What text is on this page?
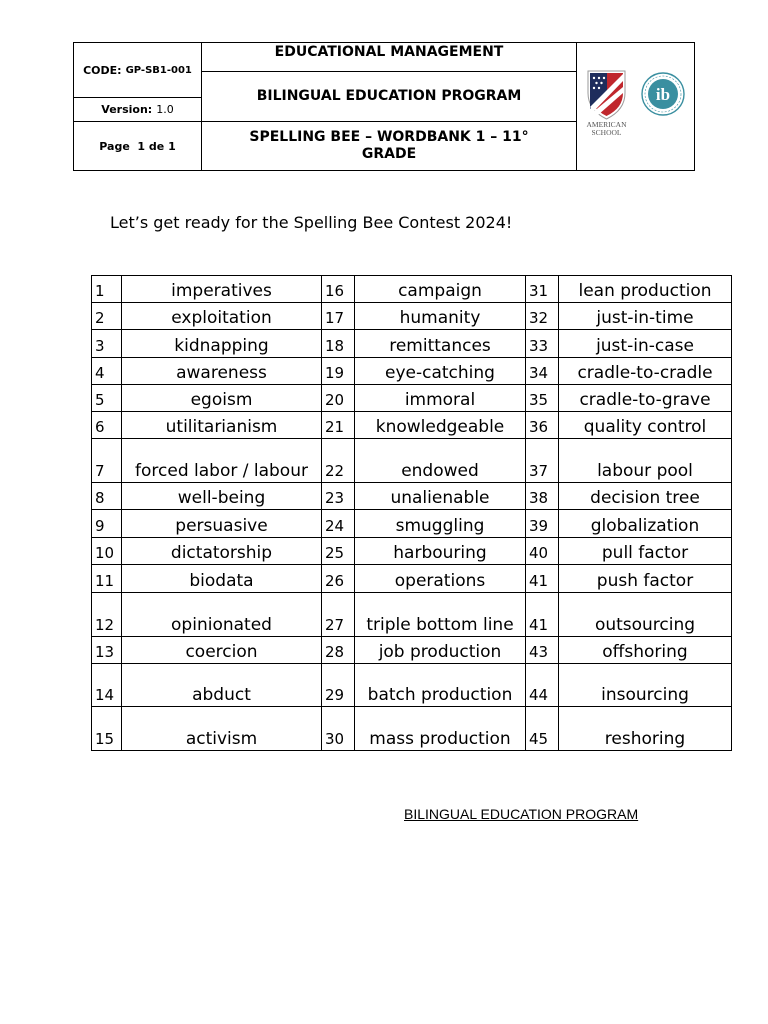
CODE: GP-SB1-001
Version: 1.0
Page  1 de 1
EDUCATIONAL MANAGEMENT
BILINGUAL EDUCATION PROGRAM
SPELLING BEE – WORDBANK 1 – 11° GRADE
AMERICAN
SCHOOL
ib
Let’s get ready for the Spelling Bee Contest 2024!
1	imperatives	16	campaign	31	lean production
2	exploitation	17	humanity	32	just-in-time
3	kidnapping	18	remittances	33	just-in-case
4	awareness	19	eye-catching	34	cradle-to-cradle
5	egoism	20	immoral	35	cradle-to-grave
6	utilitarianism	21	knowledgeable	36	quality control
7	forced labor / labour	22	endowed	37	labour pool
8	well-being	23	unalienable	38	decision tree
9	persuasive	24	smuggling	39	globalization
10	dictatorship	25	harbouring	40	pull factor
11	biodata	26	operations	41	push factor
12	opinionated	27	triple bottom line	41	outsourcing
13	coercion	28	job production	43	offshoring
14	abduct	29	batch production	44	insourcing
15	activism	30	mass production	45	reshoring
BILINGUAL EDUCATION PROGRAM
